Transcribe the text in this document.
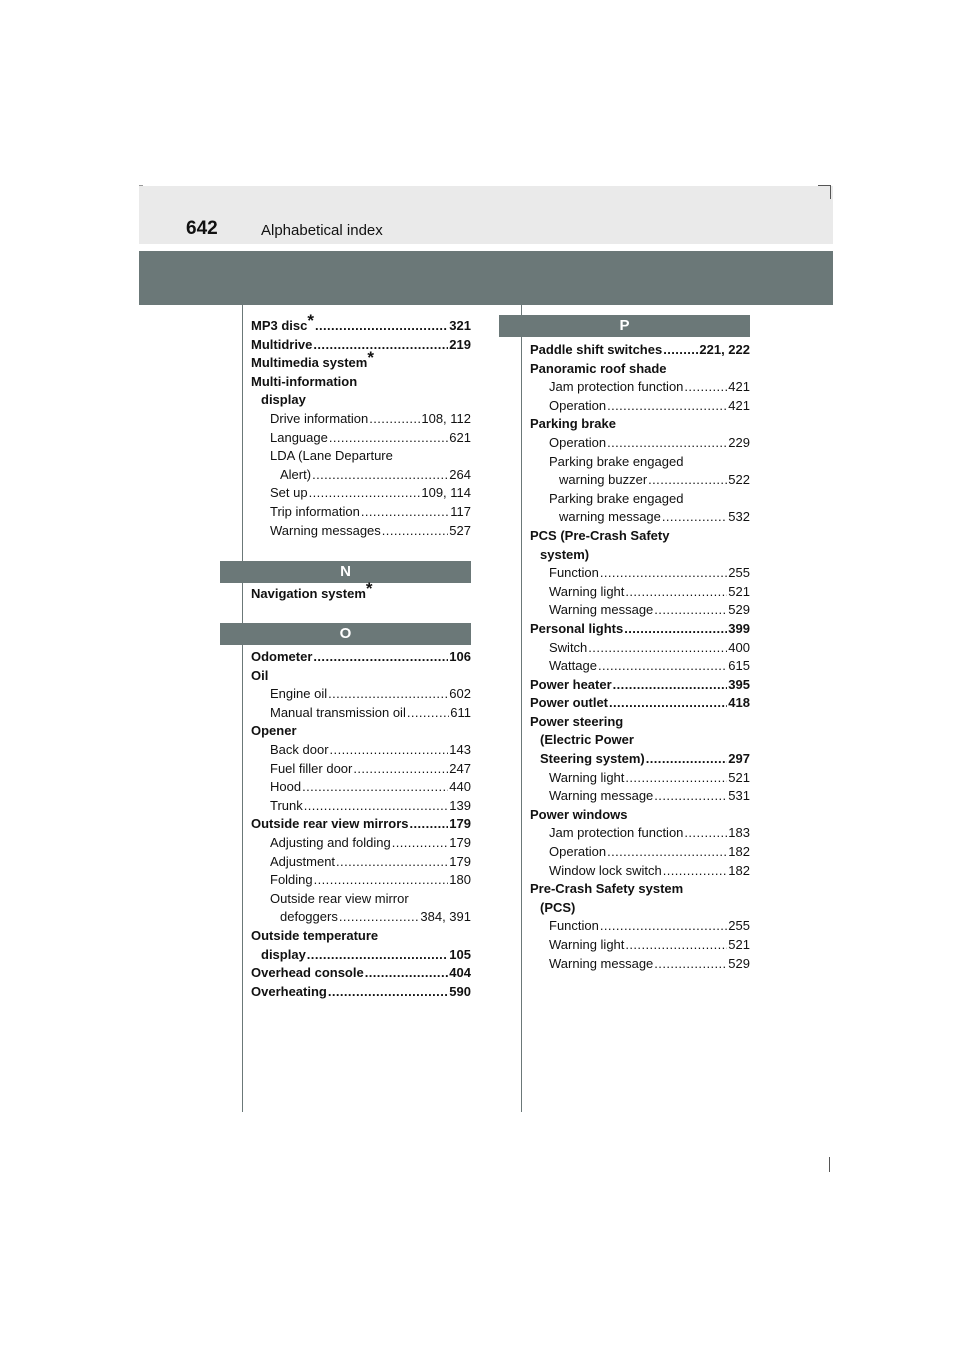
642	Alphabetical index
N
O
P
MP3 disc* .....	321
Multidrive .....	219
Multimedia system*
Multi-information
display
Drive information .....	108, 112
Language .....	621
LDA (Lane Departure
Alert) .....	264
Set up .....	109, 114
Trip information .....	117
Warning messages .....	527
Navigation system*
Odometer .....	106
Oil
Engine oil .....	602
Manual transmission oil .....	611
Opener
Back door .....	143
Fuel filler door .....	247
Hood .....	440
Trunk .....	139
Outside rear view mirrors .....	179
Adjusting and folding .....	179
Adjustment .....	179
Folding .....	180
Outside rear view mirror
defoggers .....	384, 391
Outside temperature
display .....	105
Overhead console .....	404
Overheating .....	590
Paddle shift switches .....	221, 222
Panoramic roof shade
Jam protection function .....	421
Operation .....	421
Parking brake
Operation .....	229
Parking brake engaged
warning buzzer .....	522
Parking brake engaged
warning message .....	532
PCS (Pre-Crash Safety
system)
Function .....	255
Warning light .....	521
Warning message .....	529
Personal lights .....	399
Switch .....	400
Wattage .....	615
Power heater .....	395
Power outlet .....	418
Power steering
(Electric Power
Steering system) .....	297
Warning light .....	521
Warning message .....	531
Power windows
Jam protection function .....	183
Operation .....	182
Window lock switch .....	182
Pre-Crash Safety system
(PCS)
Function .....	255
Warning light .....	521
Warning message .....	529
